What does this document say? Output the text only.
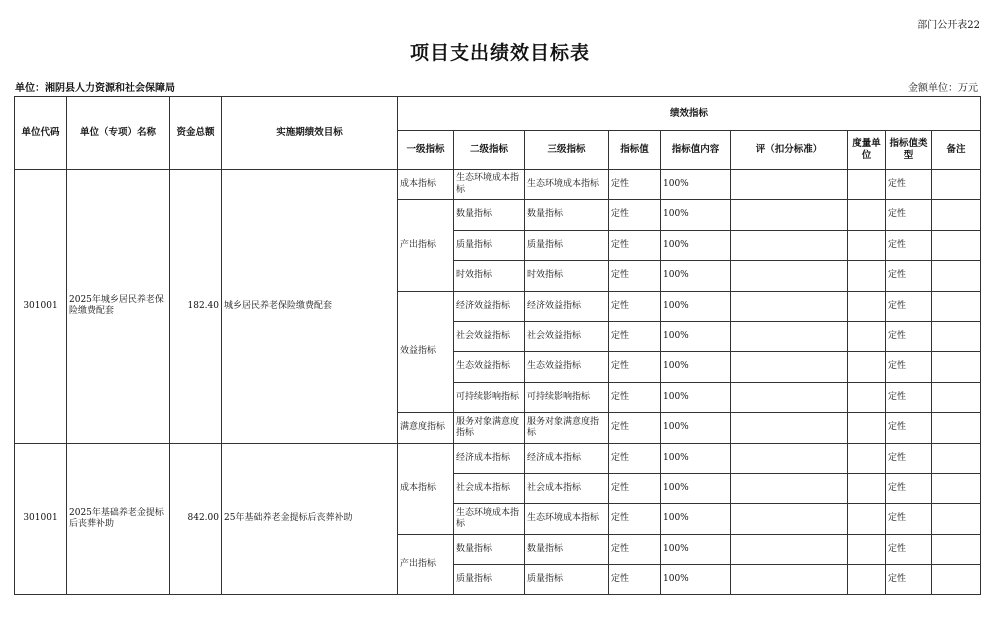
部门公开表22
项目支出绩效目标表
单位：湘阴县人力资源和社会保障局	金额单位：万元
单位代码	单位（专项）名称	资金总额	实施期绩效目标	绩效指标								
				一级指标	二级指标	三级指标	指标值	指标值内容	评（扣分标准）	度量单位	指标值类型	备注
301001	2025年城乡居民养老保险缴费配套	182.40	城乡居民养老保险缴费配套	成本指标	生态环境成本指标	生态环境成本指标	定性	100%			定性	
				产出指标	数量指标	数量指标	定性	100%			定性	
					质量指标	质量指标	定性	100%			定性	
					时效指标	时效指标	定性	100%			定性	
				效益指标	经济效益指标	经济效益指标	定性	100%			定性	
					社会效益指标	社会效益指标	定性	100%			定性	
					生态效益指标	生态效益指标	定性	100%			定性	
					可持续影响指标	可持续影响指标	定性	100%			定性	
				满意度指标	服务对象满意度指标	服务对象满意度指标	定性	100%			定性	
301001	2025年基础养老金提标后丧葬补助	842.00	25年基础养老金提标后丧葬补助	成本指标	经济成本指标	经济成本指标	定性	100%			定性	
					社会成本指标	社会成本指标	定性	100%			定性	
					生态环境成本指标	生态环境成本指标	定性	100%			定性	
				产出指标	数量指标	数量指标	定性	100%			定性	
					质量指标	质量指标	定性	100%			定性	
